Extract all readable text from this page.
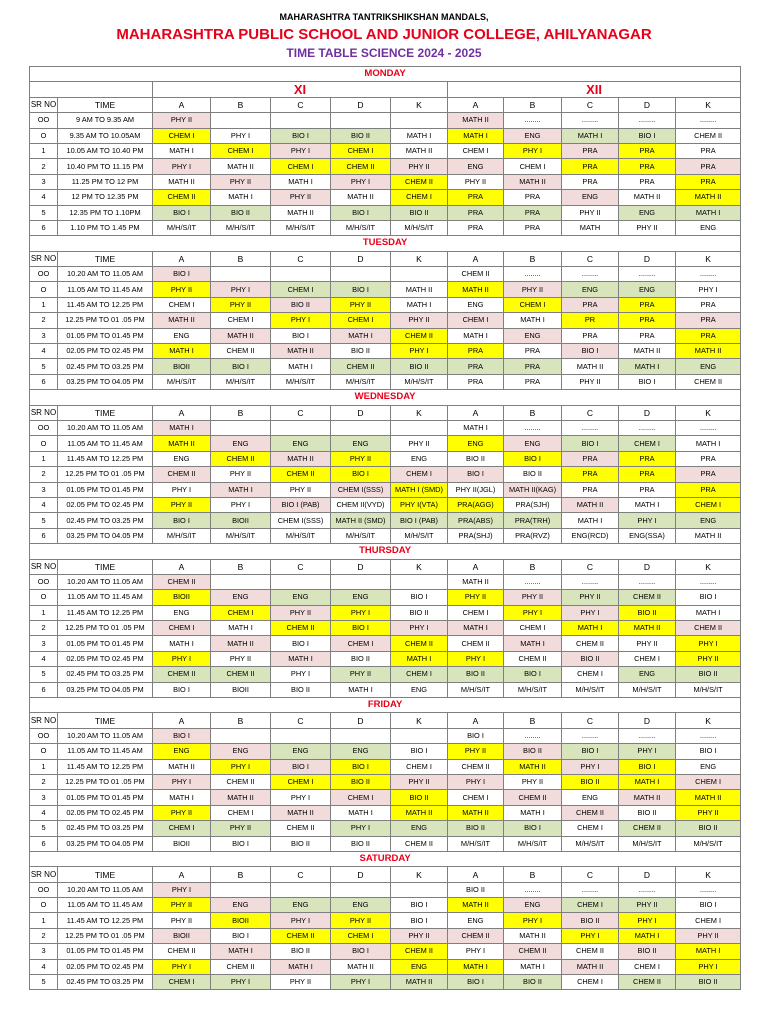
MAHARASHTRA TANTRIKSHIKSHAN MANDALS,
MAHARASHTRA PUBLIC SCHOOL AND JUNIOR COLLEGE, AHILYANAGAR
TIME TABLE SCIENCE 2024 - 2025
MONDAY											
		XI					XII				
SR NO	TIME	A	B	C	D	K	A	B	C	D	K
OO	9 AM TO 9.35 AM	PHY II					MATH II	........	........	........	........
O	9.35 AM TO 10.05AM	CHEM I	PHY I	BIO I	BIO II	MATH I	MATH I	ENG	MATH I	BIO I	CHEM II
1	10.05 AM TO 10.40 PM	MATH I	CHEM I	PHY I	CHEM I	MATH II	CHEM I	PHY I	PRA	PRA	PRA
2	10.40 PM TO 11.15 PM	PHY I	MATH II	CHEM I	CHEM II	PHY II	ENG	CHEM I	PRA	PRA	PRA
3	11.25 PM TO 12 PM	MATH II	PHY II	MATH I	PHY I	CHEM II	PHY II	MATH II	PRA	PRA	PRA
4	12 PM TO 12.35 PM	CHEM II	MATH I	PHY II	MATH II	CHEM I	PRA	PRA	ENG	MATH II	MATH II
5	12.35 PM TO 1.10PM	BIO I	BIO II	MATH II	BIO I	BIO II	PRA	PRA	PHY II	ENG	MATH I
6	1.10 PM TO 1.45 PM	M/H/S/IT	M/H/S/IT	M/H/S/IT	M/H/S/IT	M/H/S/IT	PRA	PRA	MATH	PHY II	ENG
TUESDAY											
SR NO	TIME	A	B	C	D	K	A	B	C	D	K
OO	10.20 AM TO 11.05 AM	BIO I					CHEM II	........	........	........	........
O	11.05 AM TO 11.45 AM	PHY II	PHY I	CHEM I	BIO I	MATH II	MATH II	PHY II	ENG	ENG	PHY I
1	11.45 AM TO 12.25 PM	CHEM I	PHY II	BIO II	PHY II	MATH I	ENG	CHEM I	PRA	PRA	PRA
2	12.25 PM TO 01 .05 PM	MATH II	CHEM I	PHY I	CHEM I	PHY II	CHEM I	MATH I	PR	PRA	PRA
3	01.05 PM TO 01.45 PM	ENG	MATH II	BIO I	MATH I	CHEM II	MATH I	ENG	PRA	PRA	PRA
4	02.05 PM TO 02.45 PM	MATH I	CHEM II	MATH II	BIO II	PHY I	PRA	PRA	BIO I	MATH II	MATH II
5	02.45 PM TO 03.25 PM	BIOII	BIO I	MATH I	CHEM II	BIO II	PRA	PRA	MATH II	MATH I	ENG
6	03.25 PM TO 04.05 PM	M/H/S/IT	M/H/S/IT	M/H/S/IT	M/H/S/IT	M/H/S/IT	PRA	PRA	PHY II	BIO I	CHEM II
WEDNESDAY											
SR NO	TIME	A	B	C	D	K	A	B	C	D	K
OO	10.20 AM TO 11.05 AM	MATH I					MATH I	........	........	........	........
O	11.05 AM TO 11.45 AM	MATH II	ENG	ENG	ENG	PHY II	ENG	ENG	BIO I	CHEM I	MATH I
1	11.45 AM TO 12.25 PM	ENG	CHEM II	MATH II	PHY II	ENG	BIO II	BIO I	PRA	PRA	PRA
2	12.25 PM TO 01 .05 PM	CHEM II	PHY II	CHEM II	BIO I	CHEM I	BIO I	BIO II	PRA	PRA	PRA
3	01.05 PM TO 01.45 PM	PHY I	MATH I	PHY II	CHEM I(SSS)	MATH I (SMD)	PHY II(JGL)	MATH II(KAG)	PRA	PRA	PRA
4	02.05 PM TO 02.45 PM	PHY II	PHY I	BIO I (PAB)	CHEM II(VYD)	PHY I(VTA)	PRA(AGG)	PRA(SJH)	MATH II	MATH I	CHEM I
5	02.45 PM TO 03.25 PM	BIO I	BIOII	CHEM I(SSS)	MATH II (SMD)	BIO I (PAB)	PRA(ABS)	PRA(TRH)	MATH I	PHY I	ENG
6	03.25 PM TO 04.05 PM	M/H/S/IT	M/H/S/IT	M/H/S/IT	M/H/S/IT	M/H/S/IT	PRA(SHJ)	PRA(RVZ)	ENG(RCD)	ENG(SSA)	MATH II
THURSDAY											
SR NO	TIME	A	B	C	D	K	A	B	C	D	K
OO	10.20 AM TO 11.05 AM	CHEM II					MATH II	........	........	........	........
O	11.05 AM TO 11.45 AM	BIOII	ENG	ENG	ENG	BIO I	PHY II	PHY II	PHY II	CHEM II	BIO I
1	11.45 AM TO 12.25 PM	ENG	CHEM I	PHY II	PHY I	BIO II	CHEM I	PHY I	PHY I	BIO II	MATH I
2	12.25 PM TO 01 .05 PM	CHEM I	MATH I	CHEM II	BIO I	PHY I	MATH I	CHEM I	MATH I	MATH II	CHEM II
3	01.05 PM TO 01.45 PM	MATH I	MATH II	BIO I	CHEM I	CHEM II	CHEM II	MATH I	CHEM II	PHY II	PHY I
4	02.05 PM TO 02.45 PM	PHY I	PHY II	MATH I	BIO II	MATH I	PHY I	CHEM II	BIO II	CHEM I	PHY II
5	02.45 PM TO 03.25 PM	CHEM II	CHEM II	PHY I	PHY II	CHEM I	BIO II	BIO I	CHEM I	ENG	BIO II
6	03.25 PM TO 04.05 PM	BIO I	BIOII	BIO II	MATH I	ENG	M/H/S/IT	M/H/S/IT	M/H/S/IT	M/H/S/IT	M/H/S/IT
FRIDAY											
SR NO	TIME	A	B	C	D	K	A	B	C	D	K
OO	10.20 AM TO 11.05 AM	BIO I					BIO I	........	........	........	........
O	11.05 AM TO 11.45 AM	ENG	ENG	ENG	ENG	BIO I	PHY II	BIO II	BIO I	PHY I	BIO I
1	11.45 AM TO 12.25 PM	MATH II	PHY I	BIO I	BIO I	CHEM I	CHEM II	MATH II	PHY I	BIO I	ENG
2	12.25 PM TO 01 .05 PM	PHY I	CHEM II	CHEM I	BIO II	PHY II	PHY I	PHY II	BIO II	MATH I	CHEM I
3	01.05 PM TO 01.45 PM	MATH I	MATH II	PHY I	CHEM I	BIO II	CHEM I	CHEM II	ENG	MATH II	MATH II
4	02.05 PM TO 02.45 PM	PHY II	CHEM I	MATH II	MATH I	MATH II	MATH II	MATH I	CHEM II	BIO II	PHY II
5	02.45 PM TO 03.25 PM	CHEM I	PHY II	CHEM II	PHY I	ENG	BIO II	BIO I	CHEM I	CHEM II	BIO II
6	03.25 PM TO 04.05 PM	BIOII	BIO I	BIO II	BIO II	CHEM II	M/H/S/IT	M/H/S/IT	M/H/S/IT	M/H/S/IT	M/H/S/IT
SATURDAY											
SR NO	TIME	A	B	C	D	K	A	B	C	D	K
OO	10.20 AM TO 11.05 AM	PHY I					BIO II	........	........	........	........
O	11.05 AM TO 11.45 AM	PHY II	ENG	ENG	ENG	BIO I	MATH II	ENG	CHEM I	PHY II	BIO I
1	11.45 AM TO 12.25 PM	PHY II	BIOII	PHY I	PHY II	BIO I	ENG	PHY I	BIO II	PHY I	CHEM I
2	12.25 PM TO 01 .05 PM	BIOII	BIO I	CHEM II	CHEM I	PHY II	CHEM II	MATH II	PHY I	MATH I	PHY II
3	01.05 PM TO 01.45 PM	CHEM II	MATH I	BIO II	BIO I	CHEM II	PHY I	CHEM II	CHEM II	BIO II	MATH I
4	02.05 PM TO 02.45 PM	PHY I	CHEM II	MATH I	MATH II	ENG	MATH I	MATH I	MATH II	CHEM I	PHY I
5	02.45 PM TO 03.25 PM	CHEM I	PHY I	PHY II	PHY I	MATH II	BIO I	BIO II	CHEM I	CHEM II	BIO II
